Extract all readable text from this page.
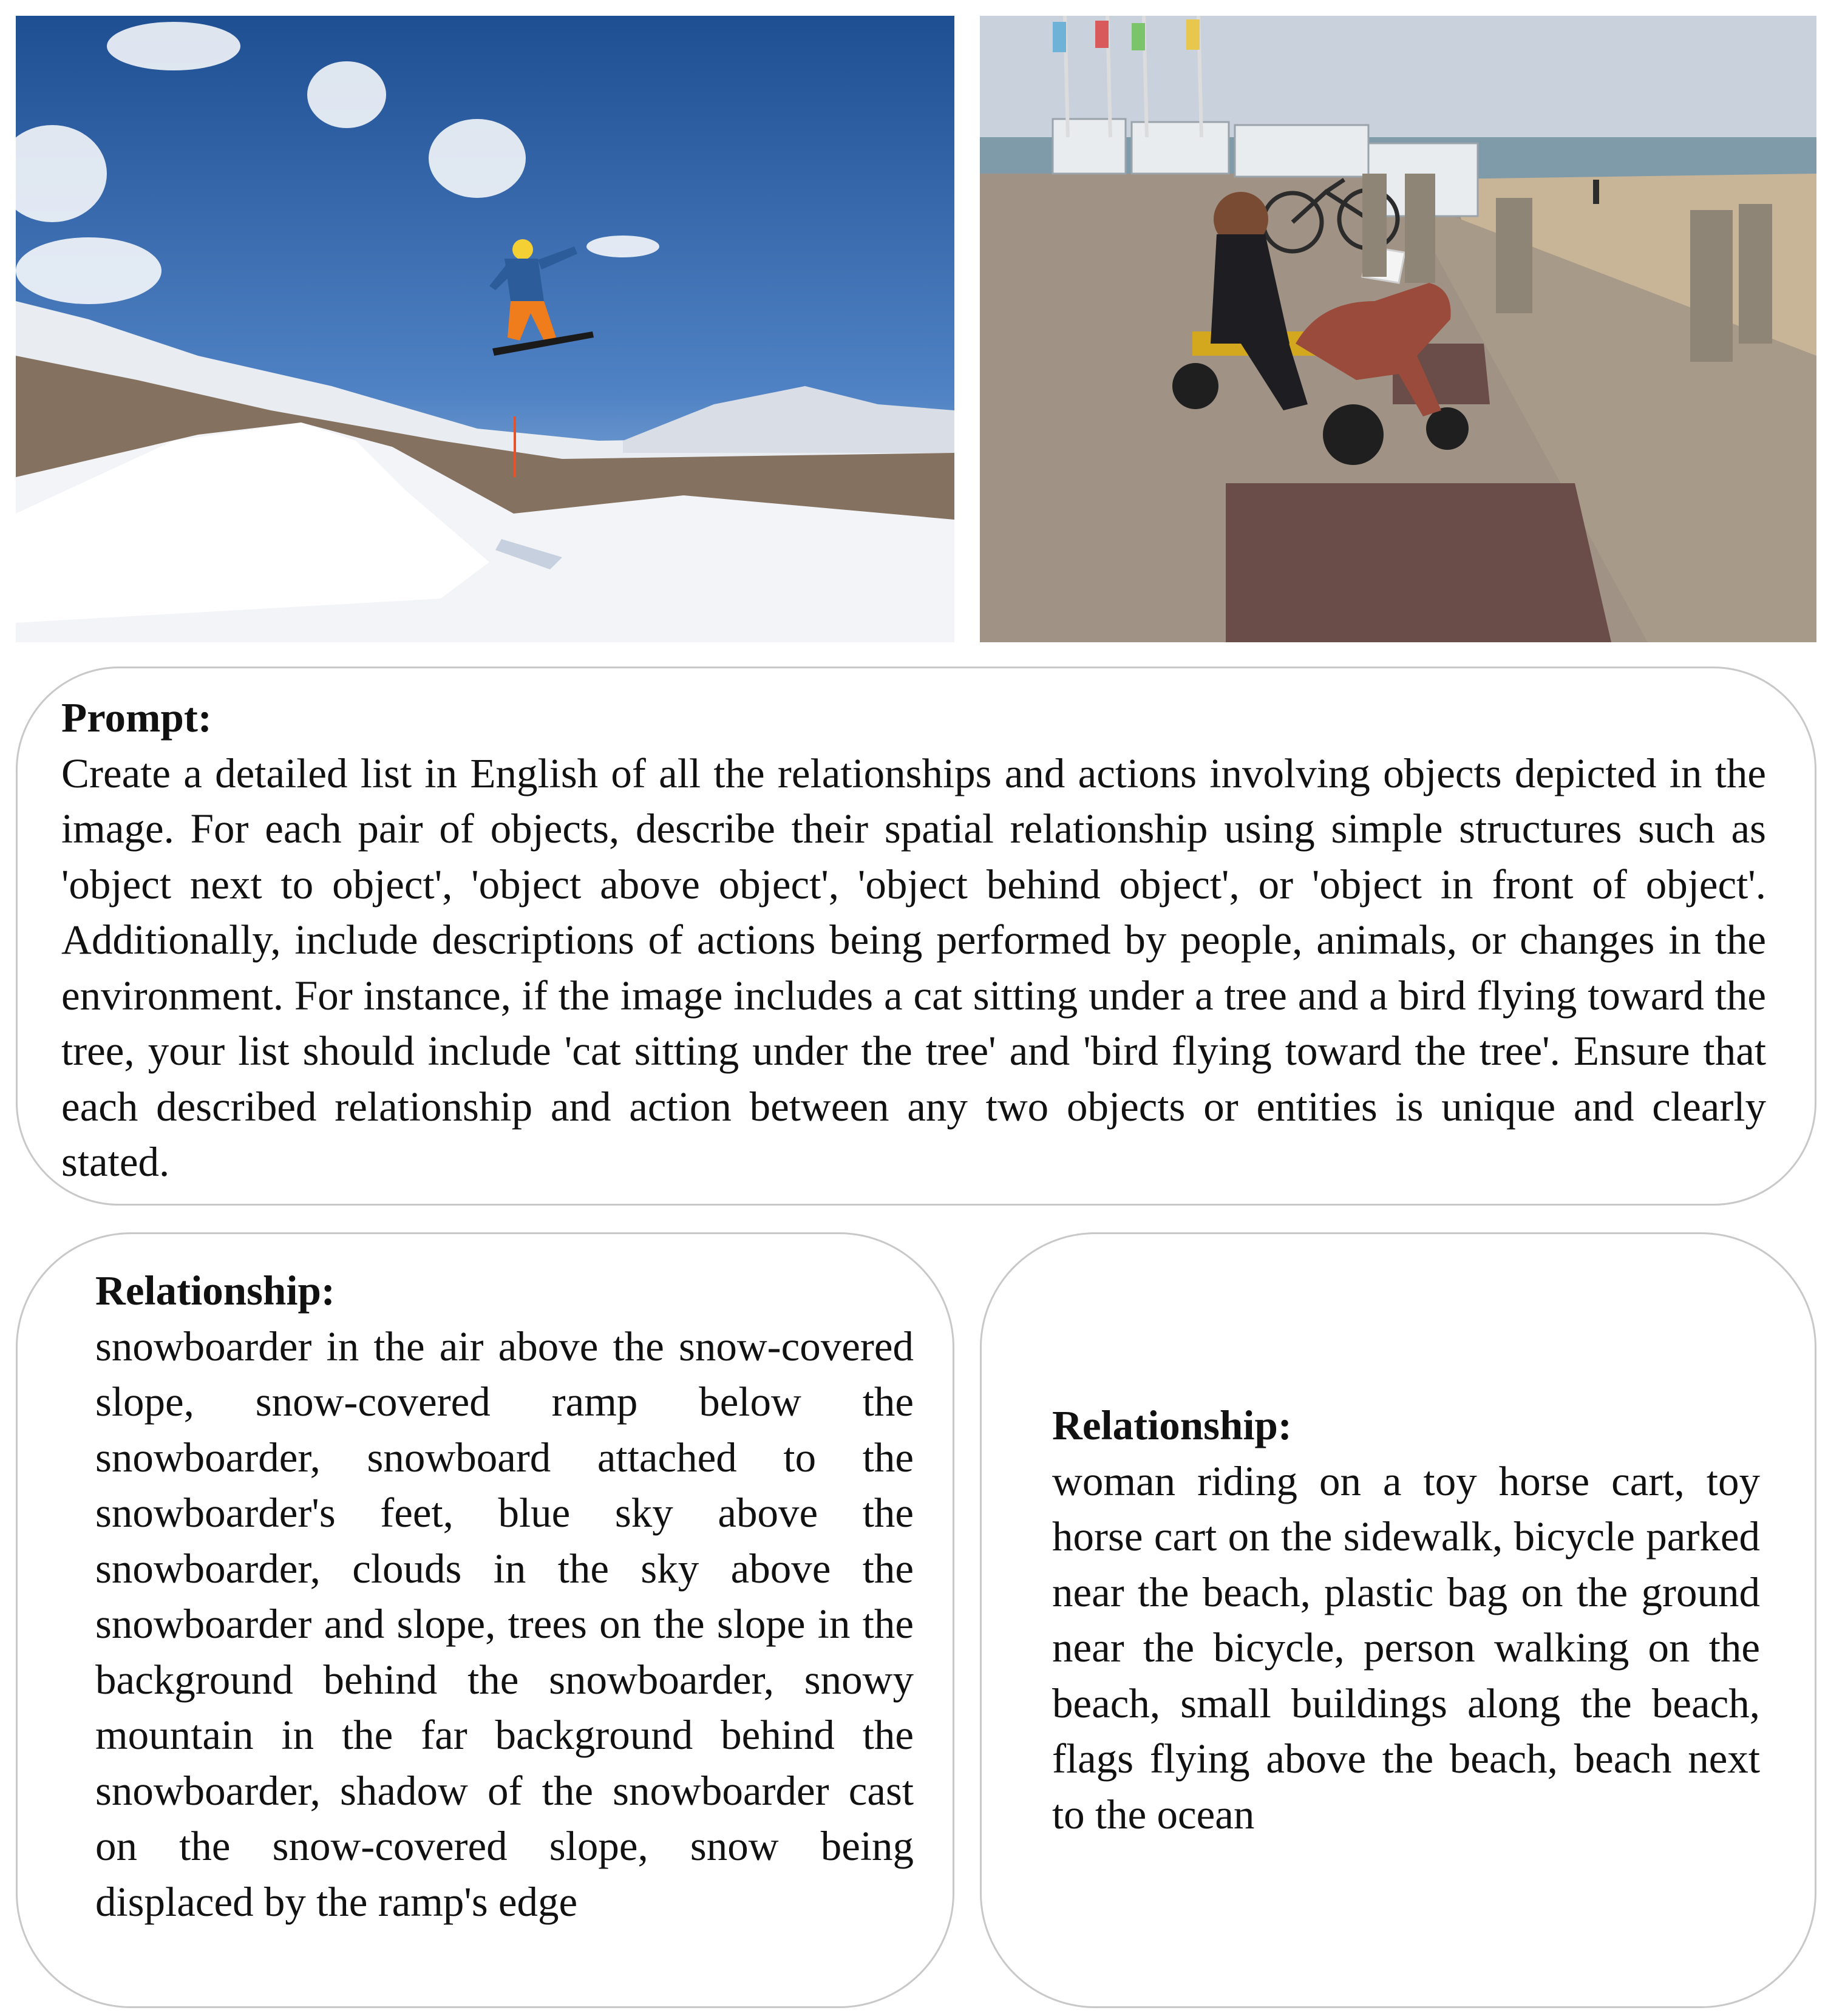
Prompt:
Create a detailed list in English of all the relationships and actions involving objects depicted in the image. For each pair of objects, describe their spatial relationship using simple structures such as 'object next to object', 'object above object', 'object behind object', or 'object in front of object'. Additionally, include descriptions of actions being performed by people, animals, or changes in the environment. For instance, if the image includes a cat sitting under a tree and a bird flying toward the tree, your list should include 'cat sitting under the tree' and 'bird flying toward the tree'. Ensure that each described relationship and action between any two objects or entities is unique and clearly stated.
Relationship:
snowboarder in the air above the snow-covered slope, snow-covered ramp below the snowboarder, snowboard attached to the snowboarder's feet, blue sky above the snowboarder, clouds in the sky above the snowboarder and slope, trees on the slope in the background behind the snowboarder, snowy mountain in the far background behind the snowboarder, shadow of the snowboarder cast on the snow-covered slope, snow being displaced by the ramp's edge
Relationship:
woman riding on a toy horse cart, toy horse cart on the sidewalk, bicycle parked near the beach, plastic bag on the ground near the bicycle, person walking on the beach, small buildings along the beach, flags flying above the beach, beach next to the ocean
